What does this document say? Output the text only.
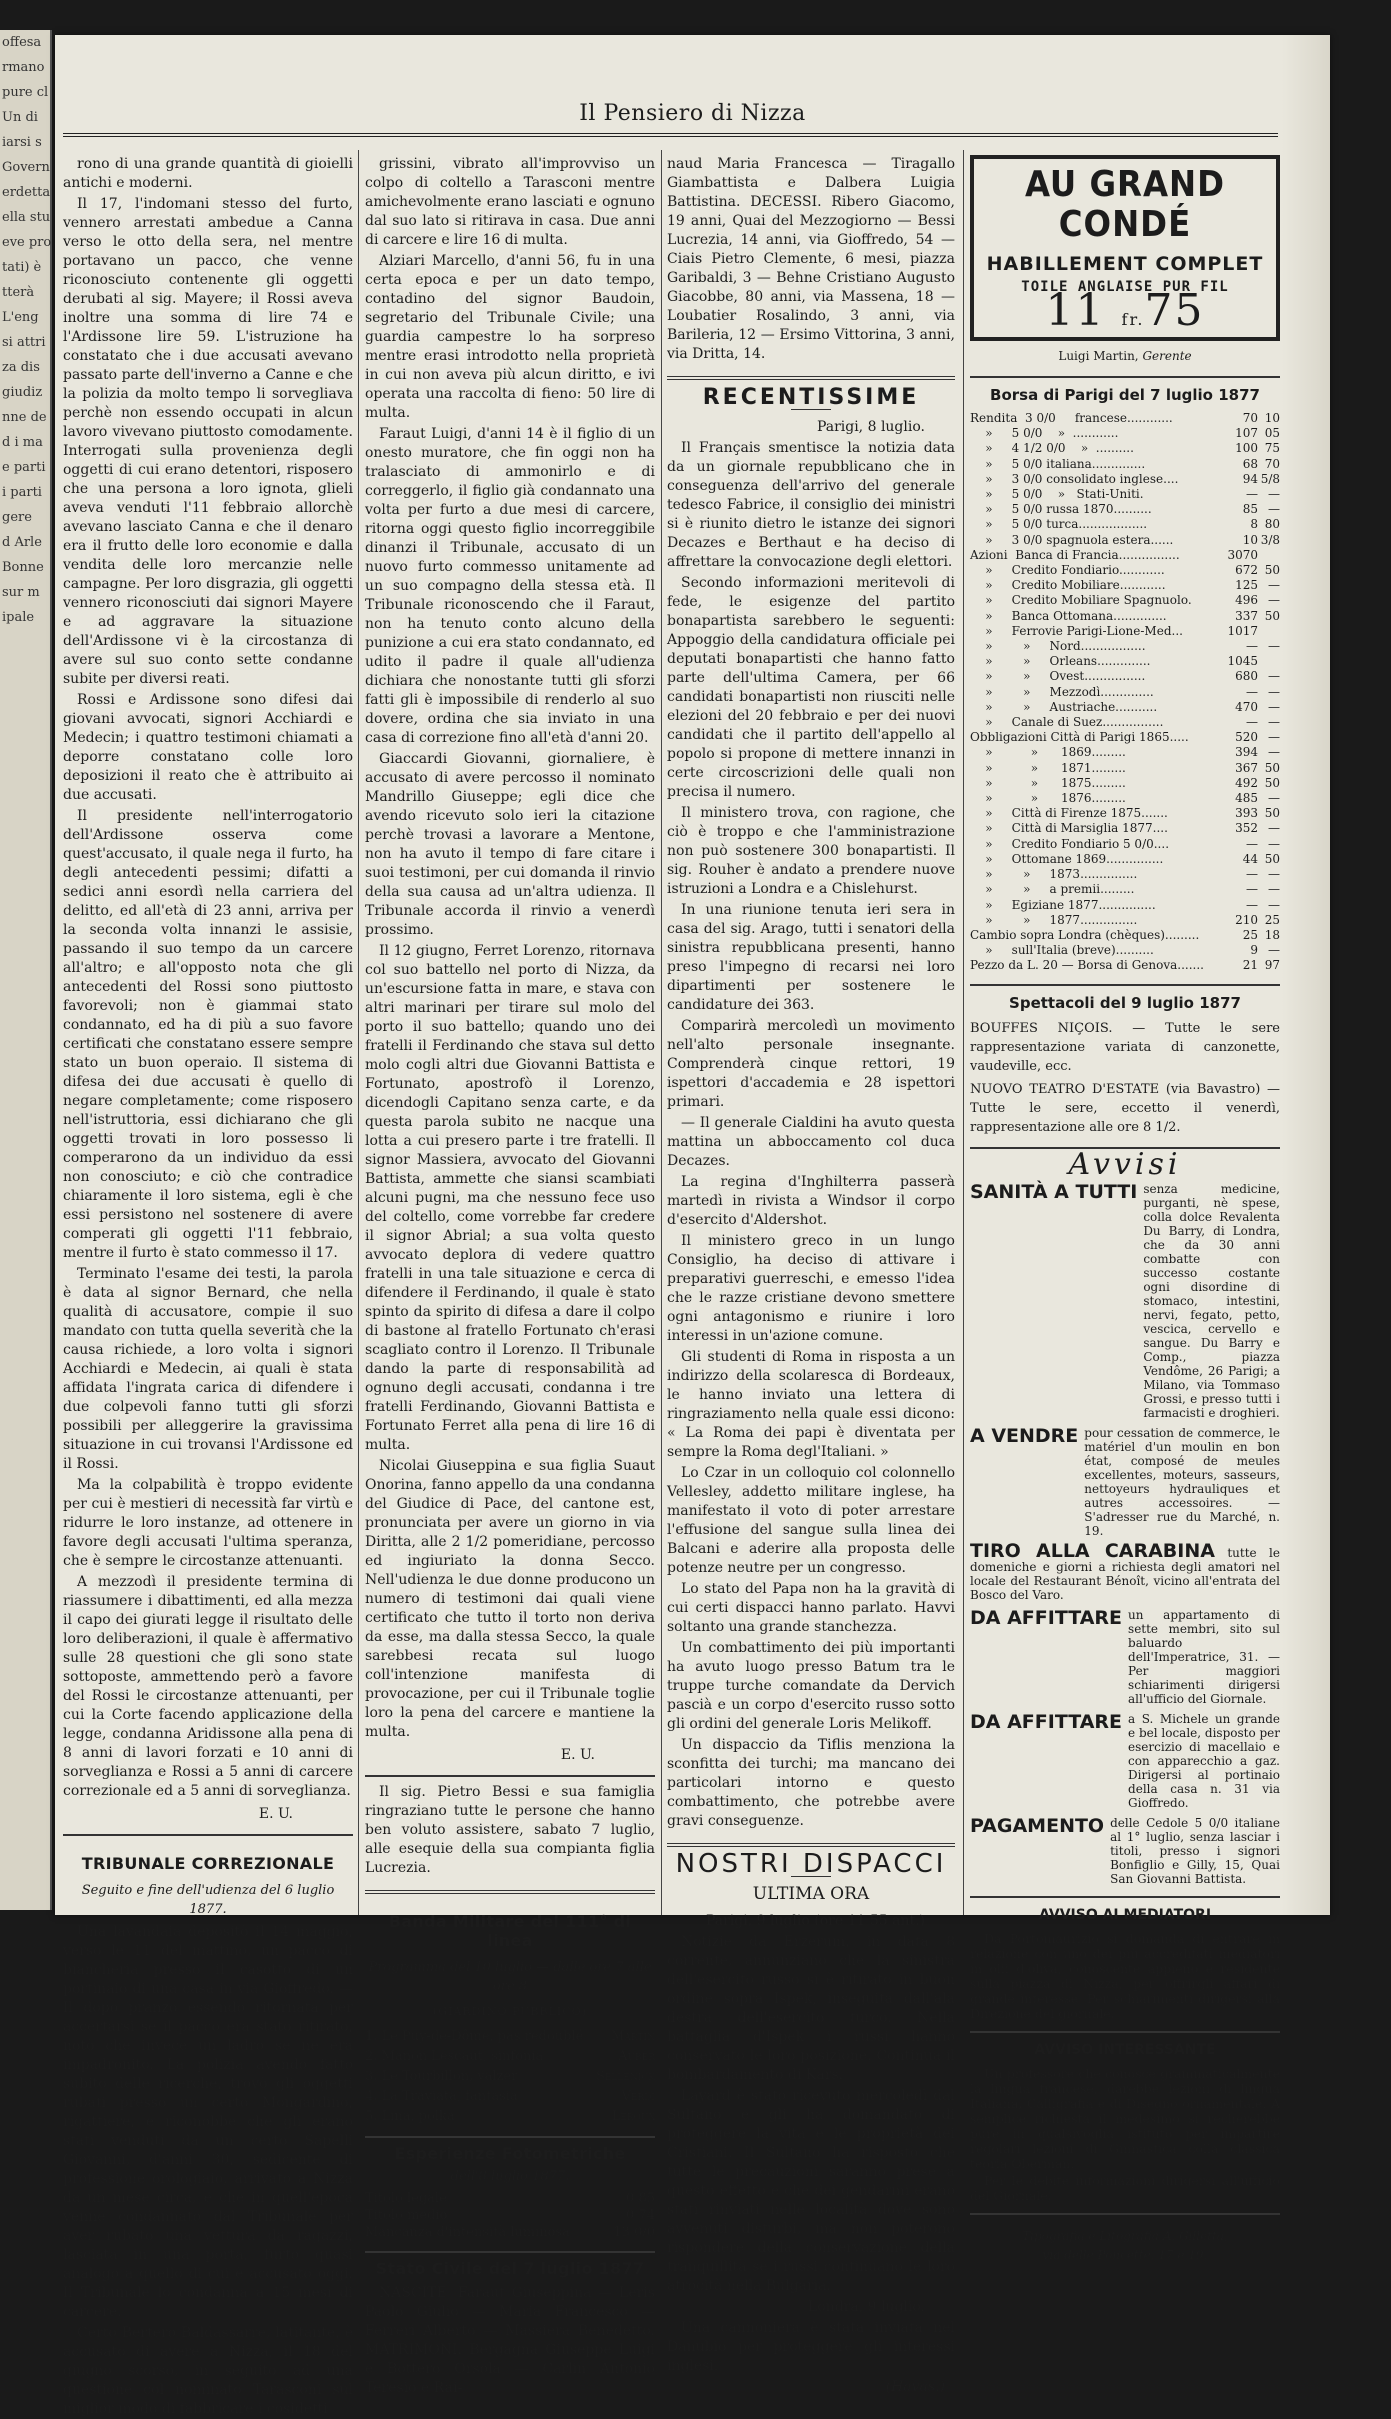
offesa
rmano
pure cl
Un di
iarsi s
Govern
erdetta
ella stu
eve pro
tati) è
tterà
L'eng
si attri
za dis
giudiz
nne de
d i ma
e parti
i parti
gere
d Arle
Bonne
sur m
ipale
Il Pensiero di Nizza

rono di una grande quantità di gioielli antichi e moderni.

Il 17, l'indomani stesso del furto, vennero arrestati ambedue a Canna verso le otto della sera, nel mentre portavano un pacco, che venne riconosciuto contenente gli oggetti derubati al sig. Mayere; il Rossi aveva inoltre una somma di lire 74 e l'Ardissone lire 59. L'istruzione ha constatato che i due accusati avevano passato parte dell'inverno a Canne e che la polizia da molto tempo li sorvegliava perchè non essendo occupati in alcun lavoro vivevano piuttosto comodamente. Interrogati sulla provenienza degli oggetti di cui erano detentori, risposero che una persona a loro ignota, glieli aveva venduti l'11 febbraio allorchè avevano lasciato Canna e che il denaro era il frutto delle loro economie e dalla vendita delle loro mercanzie nelle campagne. Per loro disgrazia, gli oggetti vennero riconosciuti dai signori Mayere e ad aggravare la situazione dell'Ardissone vi è la circostanza di avere sul suo conto sette condanne subite per diversi reati.

Rossi e Ardissone sono difesi dai giovani avvocati, signori Acchiardi e Medecin; i quattro testimoni chiamati a deporre constatano colle loro deposizioni il reato che è attribuito ai due accusati.

Il presidente nell'interrogatorio dell'Ardissone osserva come quest'accusato, il quale nega il furto, ha degli antecedenti pessimi; difatti a sedici anni esordì nella carriera del delitto, ed all'età di 23 anni, arriva per la seconda volta innanzi le assisie, passando il suo tempo da un carcere all'altro; e all'opposto nota che gli antecedenti del Rossi sono piuttosto favorevoli; non è giammai stato condannato, ed ha di più a suo favore certificati che constatano essere sempre stato un buon operaio. Il sistema di difesa dei due accusati è quello di negare completamente; come risposero nell'istruttoria, essi dichiarano che gli oggetti trovati in loro possesso li comperarono da un individuo da essi non conosciuto; e ciò che contradice chiaramente il loro sistema, egli è che essi persistono nel sostenere di avere comperati gli oggetti l'11 febbraio, mentre il furto è stato commesso il 17.

Terminato l'esame dei testi, la parola è data al signor Bernard, che nella qualità di accusatore, compie il suo mandato con tutta quella severità che la causa richiede, a loro volta i signori Acchiardi e Medecin, ai quali è stata affidata l'ingrata carica di difendere i due colpevoli fanno tutti gli sforzi possibili per alleggerire la gravissima situazione in cui trovansi l'Ardissone ed il Rossi.

Ma la colpabilità è troppo evidente per cui è mestieri di necessità far virtù e ridurre le loro instanze, ad ottenere in favore degli accusati l'ultima speranza, che è sempre le circostanze attenuanti.

A mezzodì il presidente termina di riassumere i dibattimenti, ed alla mezza il capo dei giurati legge il risultato delle loro deliberazioni, il quale è affermativo sulle 28 questioni che gli sono state sottoposte, ammettendo però a favore del Rossi le circostanze attenuanti, per cui la Corte facendo applicazione della legge, condanna Aridissone alla pena di 8 anni di lavori forzati e 10 anni di sorveglianza e Rossi a 5 anni di carcere correzionale ed a 5 anni di sorveglianza.

E. U.
TRIBUNALE CORREZIONALE
Seguito e fine dell'udienza del 6 luglio 1877.

Una lavandaia depositò il 14 maggio, verso le 11 del mattino, un pacco di biancheria presso il casotto di un portinaio di una casa in via Gioffredo. — Il dopo pranzo essendo ritornata per accertarsi se il pacco era stato ritirato, notò che invece un ladro se ne era impadronito. La polizia avendo fatto subito delle ricerche, trovò gli oggetti rubati presso un certo Mongardino, rigattiere, e riconobbe che gli erano stati venduti da un certo Sapelli Giovanni, d'anni 30, sedicente di professione orologiaio, arrivato a Nizza da un mese circa, e che in quell'epoca venne condannato dal Tribunale per aver rubato una vettura da ragazzi, lasciata in una porta, furto quasi analogo a quello di cui è accusato oggi. Il Tribunale lo condanna a 15 mesi di carcere.

Certo Bertero Baldassarre, latitante, è accusato di avere a Nizza, il 18 del giugno scorso, in seguito ad una questione col nominato Tarasconi sul miglior modo di fabbricare i cosidetti

grissini, vibrato all'improvviso un colpo di coltello a Tarasconi mentre amichevolmente erano lasciati e ognuno dal suo lato si ritirava in casa. Due anni di carcere e lire 16 di multa.

Alziari Marcello, d'anni 56, fu in una certa epoca e per un dato tempo, contadino del signor Baudoin, segretario del Tribunale Civile; una guardia campestre lo ha sorpreso mentre erasi introdotto nella proprietà in cui non aveva più alcun diritto, e ivi operata una raccolta di fieno: 50 lire di multa.

Faraut Luigi, d'anni 14 è il figlio di un onesto muratore, che fin oggi non ha tralasciato di ammonirlo e di correggerlo, il figlio già condannato una volta per furto a due mesi di carcere, ritorna oggi questo figlio incorreggibile dinanzi il Tribunale, accusato di un nuovo furto commesso unitamente ad un suo compagno della stessa età. Il Tribunale riconoscendo che il Faraut, non ha tenuto conto alcuno della punizione a cui era stato condannato, ed udito il padre il quale all'udienza dichiara che nonostante tutti gli sforzi fatti gli è impossibile di renderlo al suo dovere, ordina che sia inviato in una casa di correzione fino all'età d'anni 20.

Giaccardi Giovanni, giornaliere, è accusato di avere percosso il nominato Mandrillo Giuseppe; egli dice che avendo ricevuto solo ieri la citazione perchè trovasi a lavorare a Mentone, non ha avuto il tempo di fare citare i suoi testimoni, per cui domanda il rinvio della sua causa ad un'altra udienza. Il Tribunale accorda il rinvio a venerdì prossimo.

Il 12 giugno, Ferret Lorenzo, ritornava col suo battello nel porto di Nizza, da un'escursione fatta in mare, e stava con altri marinari per tirare sul molo del porto il suo battello; quando uno dei fratelli il Ferdinando che stava sul detto molo cogli altri due Giovanni Battista e Fortunato, apostrofò il Lorenzo, dicendogli Capitano senza carte, e da questa parola subito ne nacque una lotta a cui presero parte i tre fratelli. Il signor Massiera, avvocato del Giovanni Battista, ammette che siansi scambiati alcuni pugni, ma che nessuno fece uso del coltello, come vorrebbe far credere il signor Abrial; a sua volta questo avvocato deplora di vedere quattro fratelli in una tale situazione e cerca di difendere il Ferdinando, il quale è stato spinto da spirito di difesa a dare il colpo di bastone al fratello Fortunato ch'erasi scagliato contro il Lorenzo. Il Tribunale dando la parte di responsabilità ad ognuno degli accusati, condanna i tre fratelli Ferdinando, Giovanni Battista e Fortunato Ferret alla pena di lire 16 di multa.

Nicolai Giuseppina e sua figlia Suaut Onorina, fanno appello da una condanna del Giudice di Pace, del cantone est, pronunciata per avere un giorno in via Diritta, alle 2 1/2 pomeridiane, percosso ed ingiuriato la donna Secco. Nell'udienza le due donne producono un numero di testimoni dai quali viene certificato che tutto il torto non deriva da esse, ma dalla stessa Secco, la quale sarebbesi recata sul luogo coll'intenzione manifesta di provocazione, per cui il Tribunale toglie loro la pena del carcere e mantiene la multa.

E. U.

Il sig. Pietro Bessi e sua famiglia ringraziano tutte le persone che hanno ben voluto assistere, sabato 7 luglio, alle esequie della sua compianta figlia Lucrezia.

Banda Militare del 111° di linea
Programma del 10 luglio — dalle ore 7 alle ore 8
(GIARDINO PUBBLICO)
1. Le Puy-de-Dôme, pas redoublé Martin
2. Manon Lescaut, sinfonia	Auber
3. Le Tourbillon, valzer	Sellenick
4. La Traviata, fantasia	Verdi
5. Lina, polka	Leroux
Esperienze Fotometriche
dell'8 luglio 1877.
Titolo legale	0 85
Titolo medio	0 74
Mancanza d'intensità luminosa	13 0/0
Stato Civile del 7 luglio 1877

NASCITE. Faraut Giuseppina — Leris Paolo Giulio — Maria Francesco — Ferreri Alberto — Massiera Benedetto. MATRIMONI. Bergagna Giuseppe Luigi e Bottero Orsola — Carlin Antonio Teresio e Rai-

naud Maria Francesca — Tiragallo Giambattista e Dalbera Luigia Battistina. DECESSI. Ribero Giacomo, 19 anni, Quai del Mezzogiorno — Bessi Lucrezia, 14 anni, via Gioffredo, 54 — Ciais Pietro Clemente, 6 mesi, piazza Garibaldi, 3 — Behne Cristiano Augusto Giacobbe, 80 anni, via Massena, 18 — Loubatier Rosalindo, 3 anni, via Barileria, 12 — Ersimo Vittorina, 3 anni, via Dritta, 14.

RECENTISSIME
Parigi, 8 luglio.

Il Français smentisce la notizia data da un giornale repubblicano che in conseguenza dell'arrivo del generale tedesco Fabrice, il consiglio dei ministri si è riunito dietro le istanze dei signori Decazes e Berthaut e ha deciso di affrettare la convocazione degli elettori.

Secondo informazioni meritevoli di fede, le esigenze del partito bonapartista sarebbero le seguenti: Appoggio della candidatura officiale pei deputati bonapartisti che hanno fatto parte dell'ultima Camera, per 66 candidati bonapartisti non riusciti nelle elezioni del 20 febbraio e per dei nuovi candidati che il partito dell'appello al popolo si propone di mettere innanzi in certe circoscrizioni delle quali non precisa il numero.

Il ministero trova, con ragione, che ciò è troppo e che l'amministrazione non può sostenere 300 bonapartisti. Il sig. Rouher è andato a prendere nuove istruzioni a Londra e a Chislehurst.

In una riunione tenuta ieri sera in casa del sig. Arago, tutti i senatori della sinistra repubblicana presenti, hanno preso l'impegno di recarsi nei loro dipartimenti per sostenere le candidature dei 363.

Comparirà mercoledì un movimento nell'alto personale insegnante. Comprenderà cinque rettori, 19 ispettori d'accademia e 28 ispettori primari.

— Il generale Cialdini ha avuto questa mattina un abboccamento col duca Decazes.

La regina d'Inghilterra passerà martedì in rivista a Windsor il corpo d'esercito d'Aldershot.

Il ministero greco in un lungo Consiglio, ha deciso di attivare i preparativi guerreschi, e emesso l'idea che le razze cristiane devono smettere ogni antagonismo e riunire i loro interessi in un'azione comune.

Gli studenti di Roma in risposta a un indirizzo della scolaresca di Bordeaux, le hanno inviato una lettera di ringraziamento nella quale essi dicono: « La Roma dei papi è diventata per sempre la Roma degl'Italiani. »

Lo Czar in un colloquio col colonnello Vellesley, addetto militare inglese, ha manifestato il voto di poter arrestare l'effusione del sangue sulla linea dei Balcani e aderire alla proposta delle potenze neutre per un congresso.

Lo stato del Papa non ha la gravità di cui certi dispacci hanno parlato. Havvi soltanto una grande stanchezza.

Un combattimento dei più importanti ha avuto luogo presso Batum tra le truppe turche comandate da Dervich pascià e un corpo d'esercito russo sotto gli ordini del generale Loris Melikoff.

Un dispaccio da Tiflis menziona la sconfitta dei turchi; ma mancano dei particolari intorno e questo combattimento, che potrebbe avere gravi conseguenze.

NOSTRI DISPACCI
ULTIMA ORA
Parigi, 9 luglio (ore 11 55 ant.)

Notizie da Erzerum, in data 8 corrente, annunziano che la sinistra dell'esercito russo si è ritirato in buon ordine sopra Ispek, inseguita dall'ala destra dell'esercito turco. Nella battaglia d'Ispek i russi hanno conservato le loro posizione. Continua il bombardamento di Kars.

Layard è stato ricevuto mercoledì dal Sultano e gli ha domandato di proteggere la vita e le proprietà dei Cristiani. Il Sultano ha risposto che tutte le precauzioni saranno prese a questo effetto e che dei gendarmi erano stati rinviati nelle località dove sono avvenuti disturbi, ma non poterono rispondere della conservazione della tranquillità se i russi continuano le loro atrocità nella Bulgaria.

Londra, 9 luglio.

Una cannoniera è stata inviata nel Danubio per proteggere gli interessi inglesi.

(Havas.)
AU GRAND CONDÉ
HABILLEMENT COMPLET
TOILE ANGLAISE PUR FIL
11 fr.75
Luigi Martin, Gerente
Borsa di Parigi del 7 luglio 1877
Rendita  3 0/0     francese............	70 10
»     5 0/0    »  ............	107 05
»     4 1/2 0/0    »  ..........	100 75
»     5 0/0 italiana..............	68 70
»     3 0/0 consolidato inglese....	94 5/8
»     5 0/0    »   Stati-Uniti.	— —
»     5 0/0 russa 1870..........	85 —
»     5 0/0 turca..................	8 80
»     3 0/0 spagnuola estera......	10 3/8
Azioni  Banca di Francia................	3070
»     Credito Fondiario............	672 50
»     Credito Mobiliare............	125 —
»     Credito Mobiliare Spagnuolo.	496 —
»     Banca Ottomana..............	337 50
»     Ferrovie Parigi-Lione-Med...	1017
»        »     Nord.................	— —
»        »     Orleans..............	1045
»        »     Ovest................	680 —
»        »     Mezzodì..............	— —
»        »     Austriache...........	470 —
»     Canale di Suez................	— —
Obbligazioni Città di Parigi 1865.....	520 —
»          »      1869.........	394 —
»          »      1871.........	367 50
»          »      1875.........	492 50
»          »      1876.........	485 —
»     Città di Firenze 1875.......	393 50
»     Città di Marsiglia 1877....	352 —
»     Credito Fondiario 5 0/0....	— —
»     Ottomane 1869...............	44 50
»        »     1873...............	— —
»        »     a premii.........	— —
»     Egiziane 1877...............	— —
»        »     1877...............	210 25
Cambio sopra Londra (chèques).........	25 18
»     sull'Italia (breve)..........	9 —
Pezzo da L. 20 — Borsa di Genova.......	21 97
Spettacoli del 9 luglio 1877

BOUFFES NIÇOIS. — Tutte le sere rappresentazione variata di canzonette, vaudeville, ecc.

NUOVO TEATRO D'ESTATE (via Bavastro) — Tutte le sere, eccetto il venerdì, rappresentazione alle ore 8 1/2.

Avvisi
SANITÀ A TUTTI senza medicine, purganti, nè spese, colla dolce Revalenta Du Barry, di Londra, che da 30 anni combatte con successo costante ogni disordine di stomaco, intestini, nervi, fegato, petto, vescica, cervello e sangue. Du Barry e Comp., piazza Vendôme, 26 Parigi; a Milano, via Tommaso Grossi, e presso tutti i farmacisti e droghieri.
A VENDRE pour cessation de commerce, le matériel d'un moulin en bon état, composé de meules excellentes, moteurs, sasseurs, nettoyeurs hydrauliques et autres accessoires. — S'adresser rue du Marché, n. 19.
TIRO ALLA CARABINA tutte le domeniche e giorni a richiesta degli amatori nel locale del Restaurant Bénoît, vicino all'entrata del Bosco del Varo.
DA AFFITTARE un appartamento di sette membri, sito sul baluardo dell'Imperatrice, 31. — Per maggiori schiarimenti dirigersi all'ufficio del Giornale.
DA AFFITTARE a S. Michele un grande e bel locale, disposto per esercizio di macellaio e con apparecchio a gaz. Dirigersi al portinaio della casa n. 31 via Gioffredo.
PAGAMENTO delle Cedole 5 0/0 italiane al 1° luglio, senza lasciar i titoli, presso i signori Bonfiglio e Gilly, 15, Quai San Giovanni Battista.
AVVISO AI MEDIATORI

Da Portomaurizio si domanda di entrare in relazione con uno dei più accreditati mediatori in olii d'oliva, conoscente appieno e residente sulla piazza di Nizza, per offrirgli affari di grande interesse. Per schiarimenti dirigersi alla Direzione del giornale.

AVVISO INTERESSANTE

Un professore che conosce grammaticalmente la lingua francese, darebbe lezioni di lingua Italiana, Calligrafia e di Disegno ornamentale. A semplice richiesta il medesimo si recherebbe pure in qualsivoglia istituto per impartire regolari lezioni di Ginnastica colla classica teoria Oberman.

Per le debite informazioni dirigersi all'ufficio del Giornale.

Tipografia e Litografia A. Gilletta,
via delle Poncette, 17 e 19.
